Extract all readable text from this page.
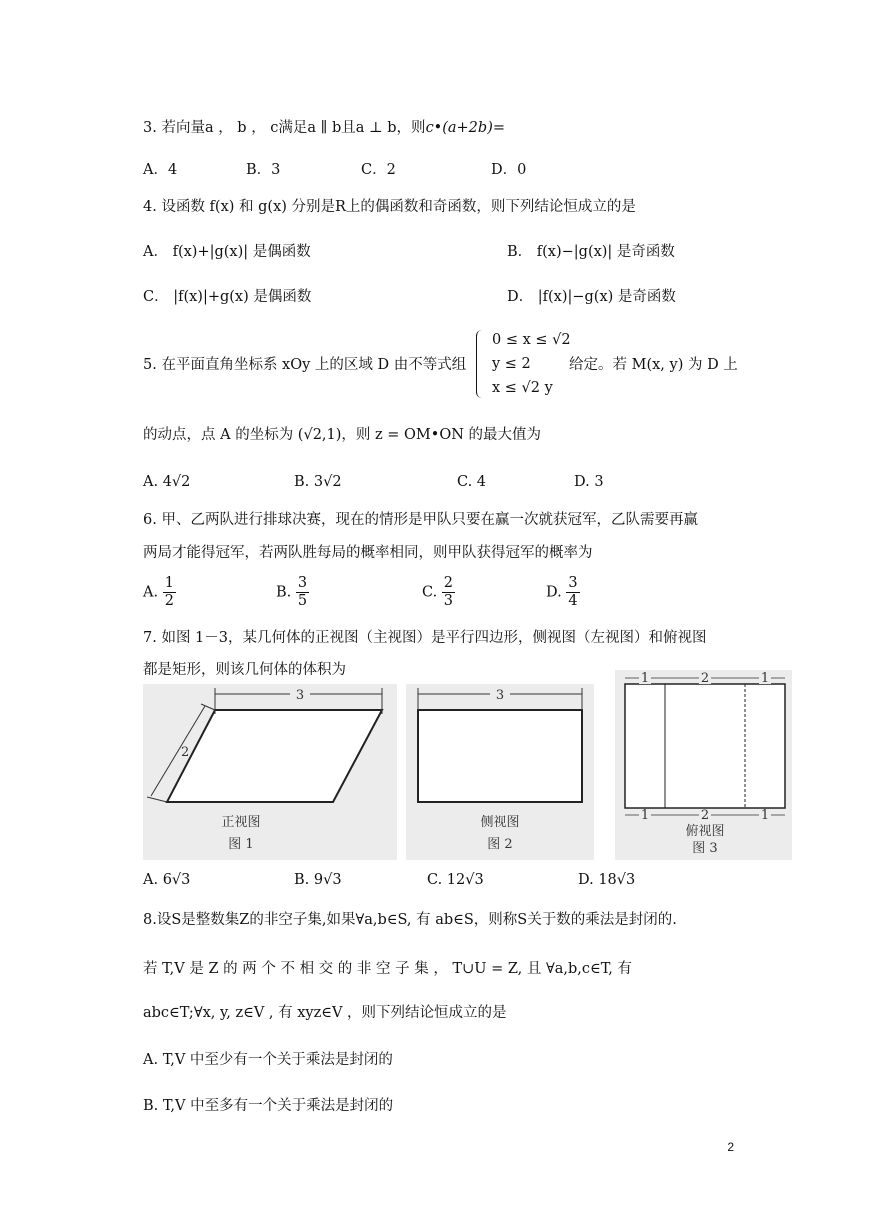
3. 若向量a ， b ， c满足a ∥ b且a ⊥ b，则c•(a+2b)=
A．4	B．3	C．2	D．0
4. 设函数 f(x) 和 g(x) 分别是R上的偶函数和奇函数，则下列结论恒成立的是
A． f(x)+|g(x)| 是偶函数	B． f(x)−|g(x)| 是奇函数
C． |f(x)|+g(x) 是偶函数	D． |f(x)|−g(x) 是奇函数
5. 在平面直角坐标系 xOy 上的区域 D 由不等式组
0 ≤ x ≤ √2
y ≤ 2
x ≤ √2 y
给定。若 M(x, y) 为 D 上
的动点，点 A 的坐标为 (√2,1)，则 z = OM•ON 的最大值为
A. 4√2	B. 3√2	C. 4	D. 3
6. 甲、乙两队进行排球决赛，现在的情形是甲队只要在赢一次就获冠军，乙队需要再赢
两局才能得冠军，若两队胜每局的概率相同，则甲队获得冠军的概率为
A. $\frac{1}{2}$	B. $\frac{3}{5}$	C. $\frac{2}{3}$	D. $\frac{3}{4}$
7. 如图 1－3，某几何体的正视图（主视图）是平行四边形，侧视图（左视图）和俯视图
都是矩形，则该几何体的体积为
3
2
正视图
图 1
3
侧视图
图 2
1	2	1
1	2	1
俯视图
图 3
A. 6√3	B. 9√3	C. 12√3	D. 18√3
8.设S是整数集Z的非空子集,如果∀a,b∈S, 有 ab∈S，则称S关于数的乘法是封闭的.
若 T,V 是 Z 的 两 个 不 相 交 的 非 空 子 集 ， T∪U = Z, 且 ∀a,b,c∈T, 有
abc∈T;∀x, y, z∈V , 有 xyz∈V ，则下列结论恒成立的是
A. T,V 中至少有一个关于乘法是封闭的
B. T,V 中至多有一个关于乘法是封闭的
2
